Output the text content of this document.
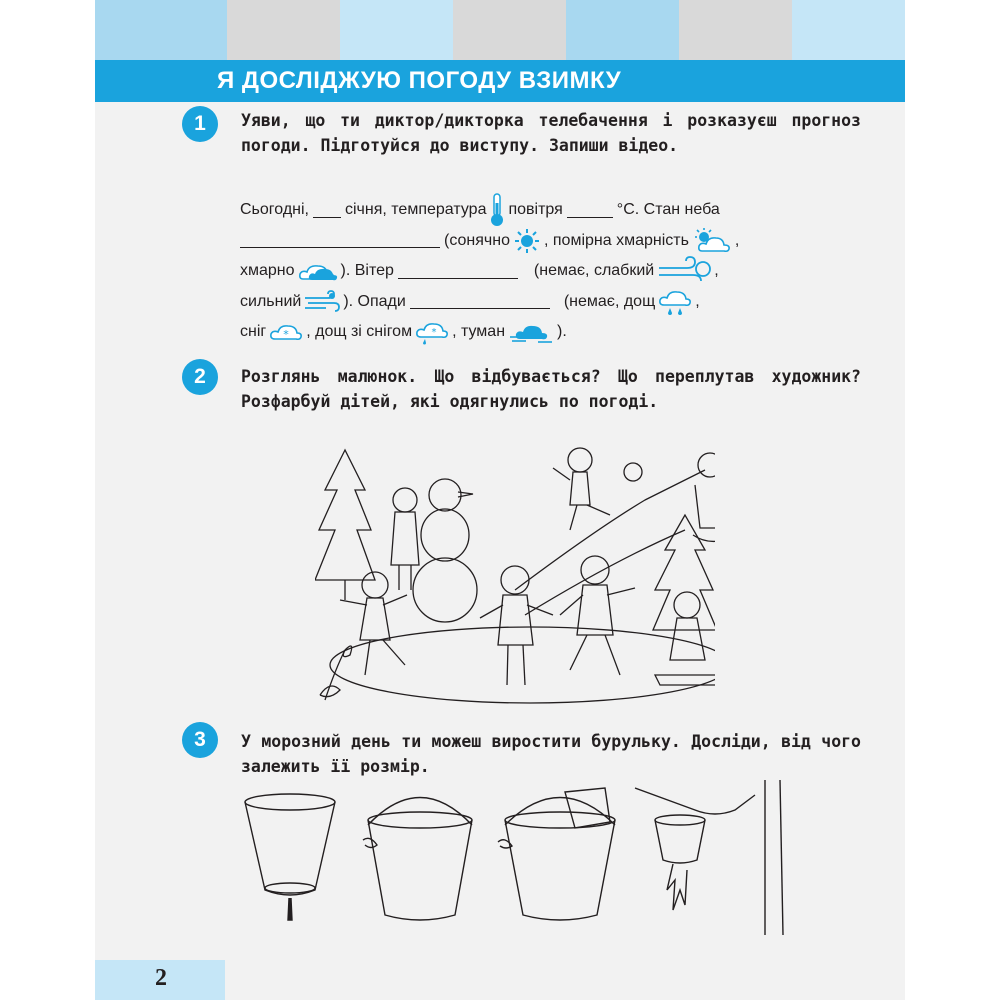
Я ДОСЛІДЖУЮ ПОГОДУ ВЗИМКУ
1	Уяви, що ти диктор/дикторка телебачення і розказуєш прогноз погоди. Підготуйся до виступу. Запиши відео.

Сьогодні, січня, температура повітря	°С. Стан неба
(сонячно , помірна хмарність	,
хмарно	). Вітер	(немає, слабкий	,
сильний	). Опади	(немає, дощ	,
сніг * , дощ зі снігом * , туман	).
2	Розглянь малюнок. Що відбувається? Що переплутав художник? Розфарбуй дітей, які одягнулись по погоді.

3	У морозний день ти можеш виростити бурульку. Досліди, від чого залежить її розмір.

2
